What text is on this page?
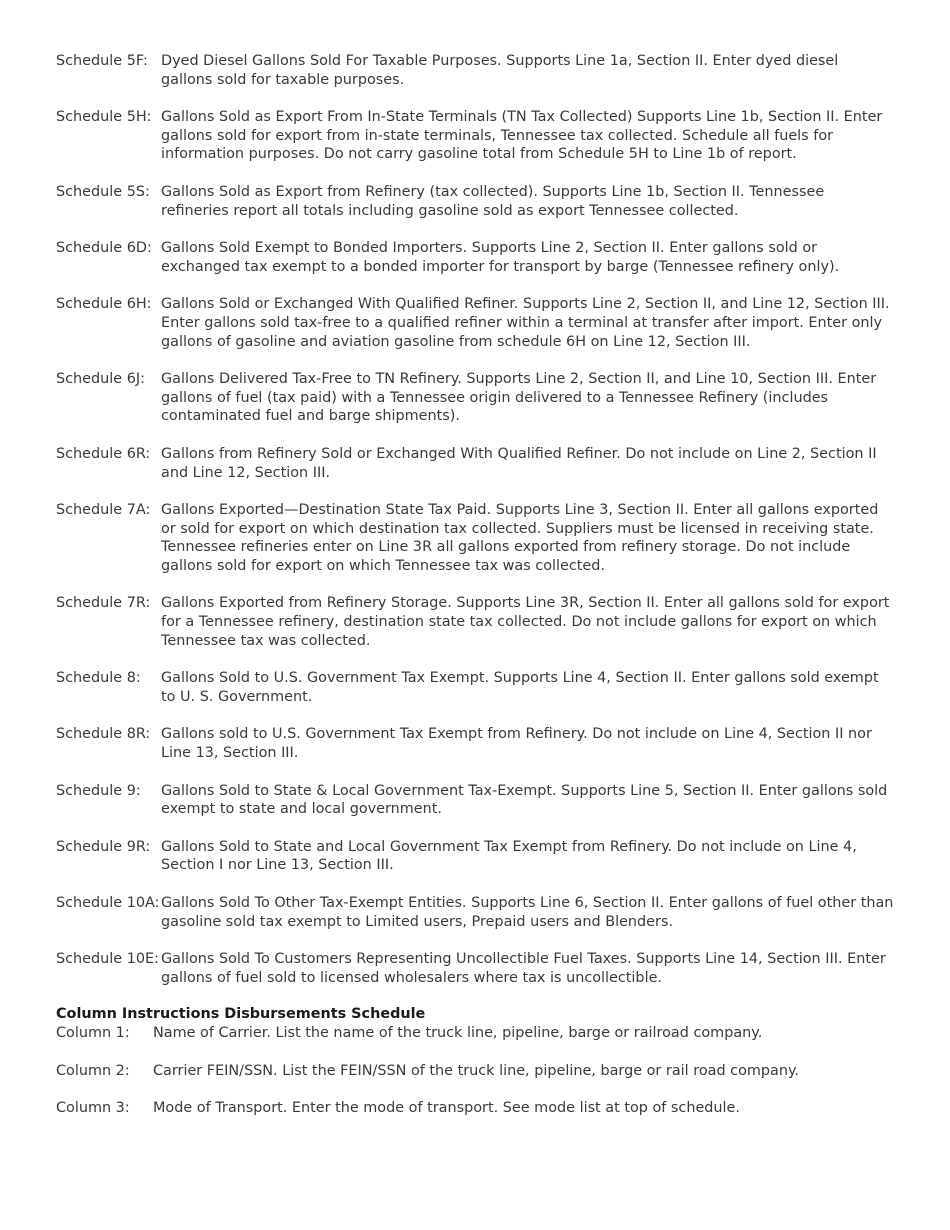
Schedule 5F: Dyed Diesel Gallons Sold For Taxable Purposes. Supports Line 1a, Section II. Enter dyed diesel gallons sold for taxable purposes.
Schedule 5H: Gallons Sold as Export From In-State Terminals (TN Tax Collected) Supports Line 1b, Section II. Enter gallons sold for export from in-state terminals, Tennessee tax collected. Schedule all fuels for information purposes. Do not carry gasoline total from Schedule 5H to Line 1b of report.
Schedule 5S: Gallons Sold as Export from Refinery (tax collected). Supports Line 1b, Section II. Tennessee refineries report all totals including gasoline sold as export Tennessee collected.
Schedule 6D: Gallons Sold Exempt to Bonded Importers. Supports Line 2, Section II. Enter gallons sold or exchanged tax exempt to a bonded importer for transport by barge (Tennessee refinery only).
Schedule 6H: Gallons Sold or Exchanged With Qualified Refiner. Supports Line 2, Section II, and Line 12, Section III. Enter gallons sold tax-free to a qualified refiner within a terminal at transfer after import. Enter only gallons of gasoline and aviation gasoline from schedule 6H on Line 12, Section III.
Schedule 6J:	Gallons Delivered Tax-Free to TN Refinery. Supports Line 2, Section II, and Line 10, Section III. Enter gallons of fuel (tax paid) with a Tennessee origin delivered to a Tennessee Refinery (includes contaminated fuel and barge shipments).
Schedule 6R: Gallons from Refinery Sold or Exchanged With Qualified Refiner. Do not include on Line 2, Section II and Line 12, Section III.
Schedule 7A: Gallons Exported—Destination State Tax Paid. Supports Line 3, Section II. Enter all gallons exported or sold for export on which destination tax collected. Suppliers must be licensed in receiving state. Tennessee refineries enter on Line 3R all gallons exported from refinery storage. Do not include gallons sold for export on which Tennessee tax was collected.
Schedule 7R: Gallons Exported from Refinery Storage. Supports Line 3R, Section II. Enter all gallons sold for export for a Tennessee refinery, destination state tax collected. Do not include gallons for export on which Tennessee tax was collected.
Schedule 8:	Gallons Sold to U.S. Government Tax Exempt. Supports Line 4, Section II. Enter gallons sold exempt to U. S. Government.
Schedule 8R: Gallons sold to U.S. Government Tax Exempt from Refinery. Do not include on Line 4, Section II nor Line 13, Section III.
Schedule 9:	Gallons Sold to State & Local Government Tax-Exempt. Supports Line 5, Section II. Enter gallons sold exempt to state and local government.
Schedule 9R: Gallons Sold to State and Local Government Tax Exempt from Refinery. Do not include on Line 4, Section I nor Line 13, Section III.
Schedule 10A: Gallons Sold To Other Tax-Exempt Entities. Supports Line 6, Section II. Enter gallons of fuel other than gasoline sold tax exempt to Limited users, Prepaid users and Blenders.
Schedule 10E: Gallons Sold To Customers Representing Uncollectible Fuel Taxes. Supports Line 14, Section III. Enter gallons of fuel sold to licensed wholesalers where tax is uncollectible.
Column Instructions Disbursements Schedule
Column 1:	Name of Carrier. List the name of the truck line, pipeline, barge or railroad company.
Column 2:	Carrier FEIN/SSN. List the FEIN/SSN of the truck line, pipeline, barge or rail road company.
Column 3:	Mode of Transport. Enter the mode of transport. See mode list at top of schedule.
